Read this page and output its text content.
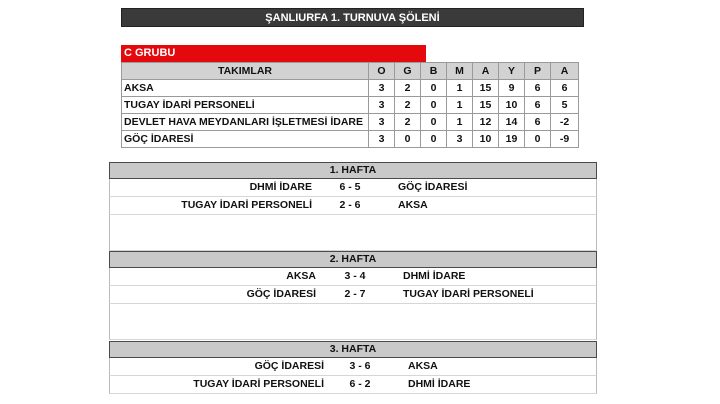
ŞANLIURFA 1. TURNUVA ŞÖLENİ
C GRUBU
TAKIMLAR	O	G	B	M	A	Y	P	A
AKSA	3	2	0	1	15	9	6	6
TUGAY İDARİ PERSONELİ	3	2	0	1	15	10	6	5
DEVLET HAVA MEYDANLARI İŞLETMESİ İDARE	3	2	0	1	12	14	6	-2
GÖÇ İDARESİ	3	0	0	3	10	19	0	-9
1. HAFTA
DHMİ İDARE	6 - 5	GÖÇ İDARESİ
TUGAY İDARİ PERSONELİ	2 - 6	AKSA
2. HAFTA
AKSA	3 - 4	DHMİ İDARE
GÖÇ İDARESİ	2 - 7	TUGAY İDARİ PERSONELİ
3. HAFTA
GÖÇ İDARESİ	3 - 6	AKSA
TUGAY İDARİ PERSONELİ	6 - 2	DHMİ İDARE
